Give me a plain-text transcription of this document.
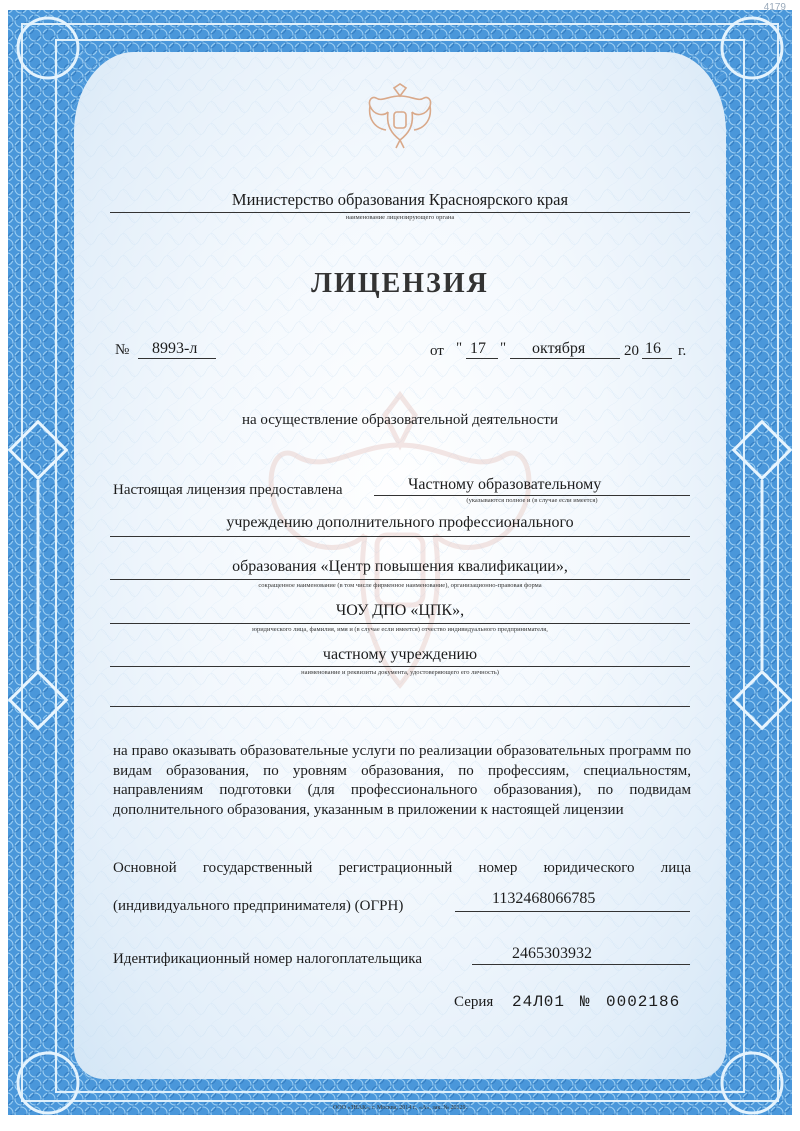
4179
Министерство образования Красноярского края
наименование лицензирующего органа
ЛИЦЕНЗИЯ
№ 8993-л	от " 17 " октября	20 16 г.
на осуществление образовательной деятельности
Настоящая лицензия предоставлена	Частному образовательному
(указываются полное и (в случае если имеется)
учреждению дополнительного профессионального
образования «Центр повышения квалификации»,
сокращенное наименование (в том числе фирменное наименование), организационно-правовая форма
ЧОУ ДПО «ЦПК»,
юридического лица, фамилия, имя и (в случае если имеется) отчество индивидуального предпринимателя,
частному учреждению
наименование и реквизиты документа, удостоверяющего его личность)
на право оказывать образовательные услуги по реализации образовательных программ по видам образования, по уровням образования, по профессиям, специальностям, направлениям подготовки (для профессионального образования), по подвидам дополнительного образования, указанным в приложении к настоящей лицензии
Основной государственный регистрационный номер юридического лица
(индивидуального предпринимателя) (ОГРН)	1132468066785
Идентификационный номер налогоплательщика	2465303932
Серия 24Л01 № 0002186
ООО «ЗНАК», г. Москва, 2014 г., «А», зак. № 20129.
